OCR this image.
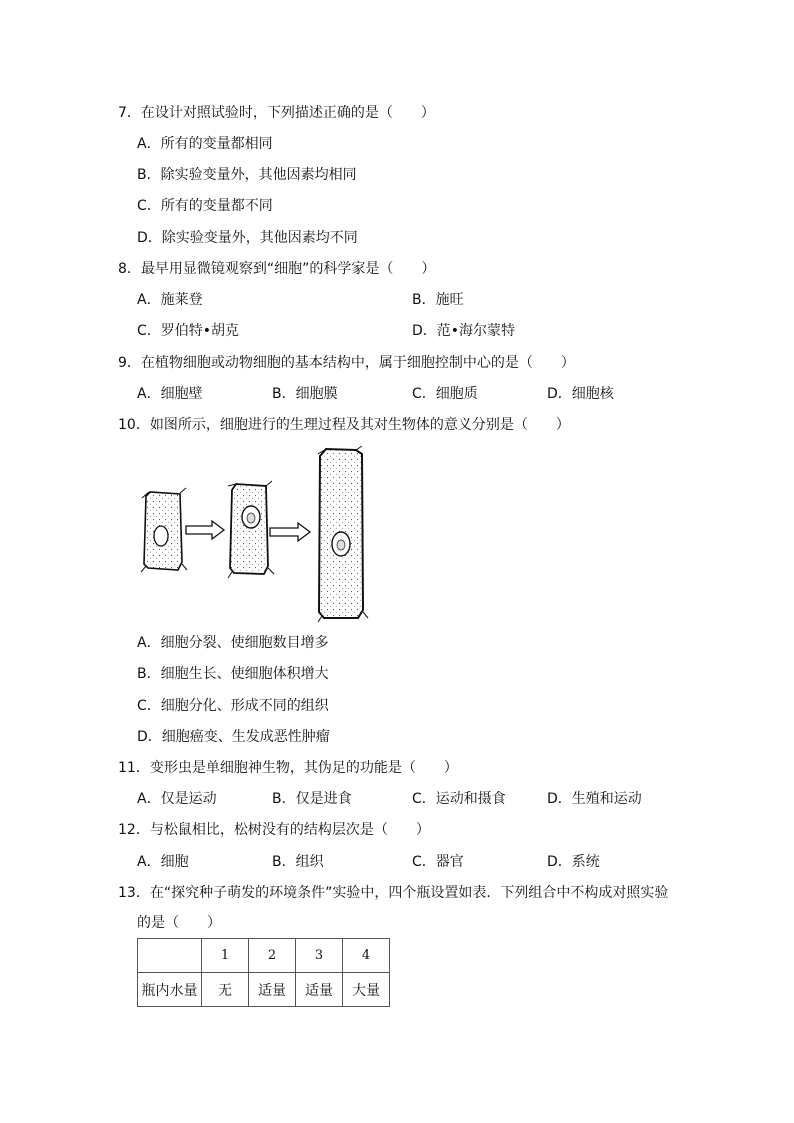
7．在设计对照试验时，下列描述正确的是（　　）
A．所有的变量都相同
B．除实验变量外，其他因素均相同
C．所有的变量都不同
D．除实验变量外，其他因素均不同
8．最早用显微镜观察到“细胞”的科学家是（　　）
A．施莱登	B．施旺
C．罗伯特•胡克	D．范•海尔蒙特
9．在植物细胞或动物细胞的基本结构中，属于细胞控制中心的是（　　）
A．细胞壁	B．细胞膜	C．细胞质	D．细胞核
10．如图所示，细胞进行的生理过程及其对生物体的意义分别是（　　）
A．细胞分裂、使细胞数目增多
B．细胞生长、使细胞体积增大
C．细胞分化、形成不同的组织
D．细胞癌变、生发成恶性肿瘤
11．变形虫是单细胞神生物，其伪足的功能是（　　）
A．仅是运动	B．仅是进食	C．运动和摄食	D．生殖和运动
12．与松鼠相比，松树没有的结构层次是（　　）
A．细胞	B．组织	C．器官	D．系统
13．在“探究种子萌发的环境条件”实验中，四个瓶设置如表．下列组合中不构成对照实验
的是（　　）
	1	2	3	4
瓶内水量	无	适量	适量	大量
